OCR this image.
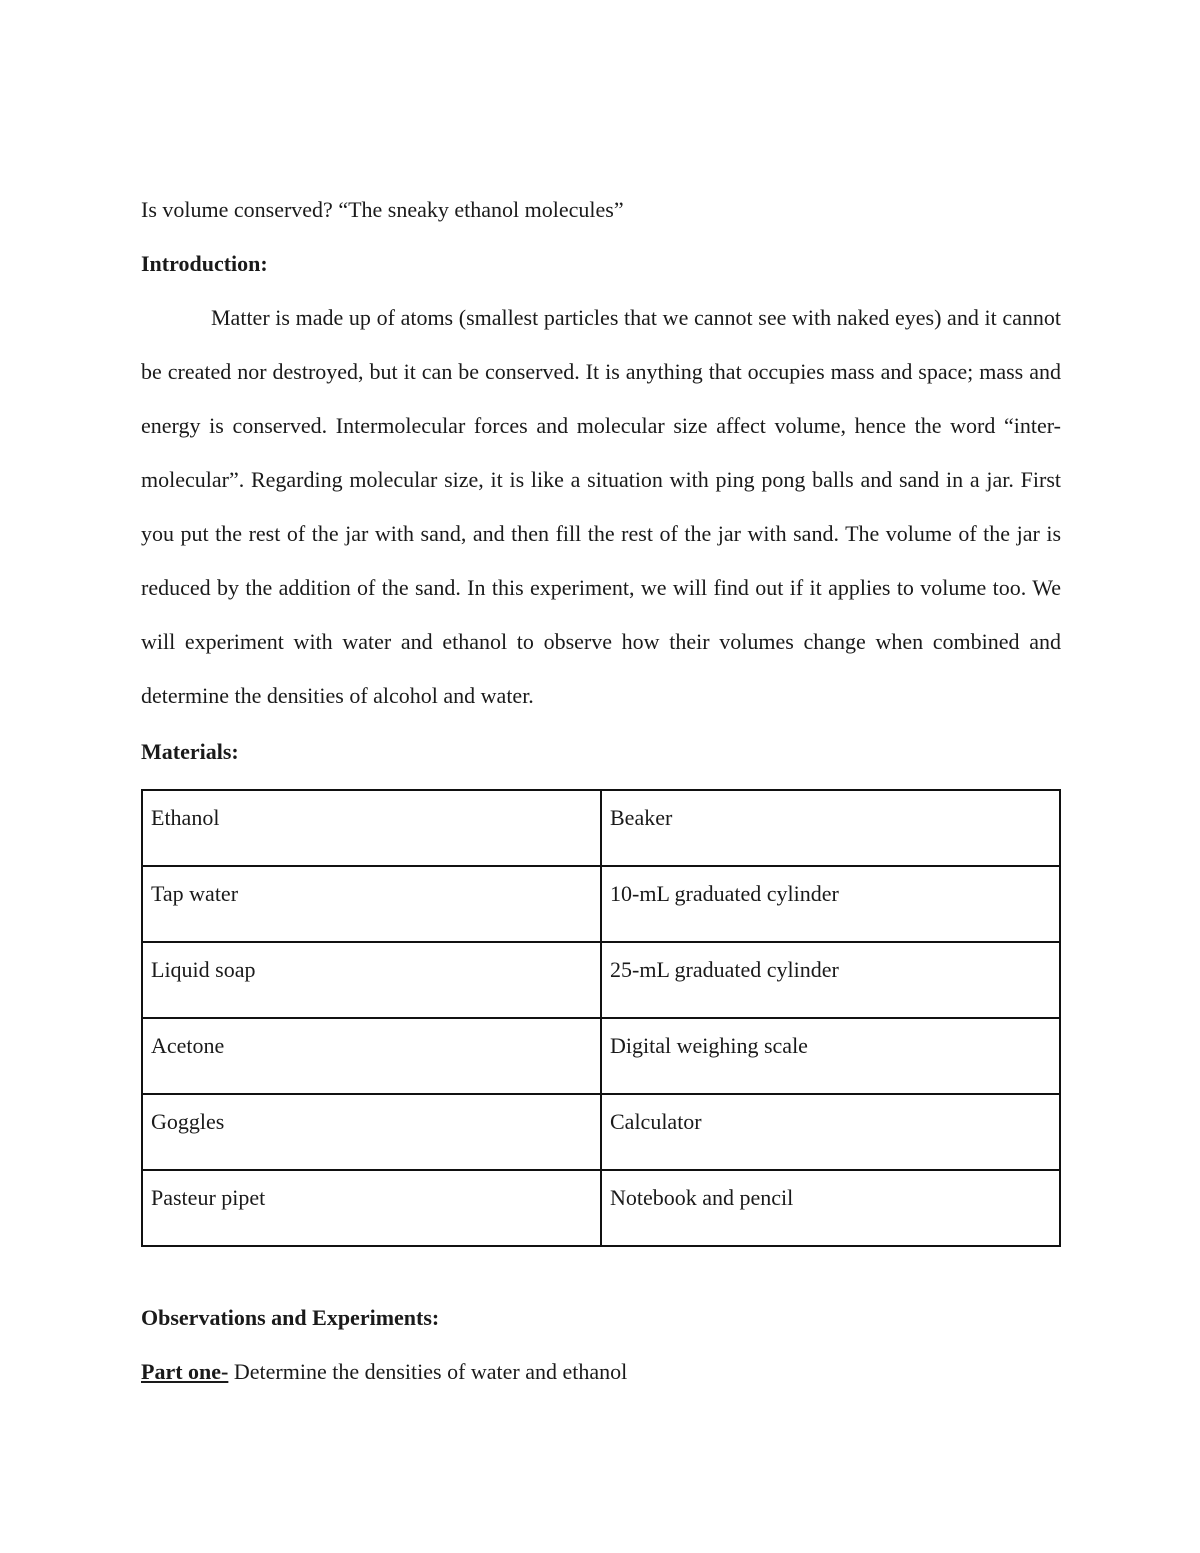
Is volume conserved? “The sneaky ethanol molecules”

Introduction:

Matter is made up of atoms (smallest particles that we cannot see with naked eyes) and it cannot be created nor destroyed, but it can be conserved. It is anything that occupies mass and space; mass and energy is conserved. Intermolecular forces and molecular size affect volume, hence the word “inter-molecular”. Regarding molecular size, it is like a situation with ping pong balls and sand in a jar. First you put the rest of the jar with sand, and then fill the rest of the jar with sand. The volume of the jar is reduced by the addition of the sand. In this experiment, we will find out if it applies to volume too. We will experiment with water and ethanol to observe how their volumes change when combined and determine the densities of alcohol and water.

Materials:

Ethanol	Beaker
Tap water	10-mL graduated cylinder
Liquid soap	25-mL graduated cylinder
Acetone	Digital weighing scale
Goggles	Calculator
Pasteur pipet	Notebook and pencil

Observations and Experiments:

Part one- Determine the densities of water and ethanol
